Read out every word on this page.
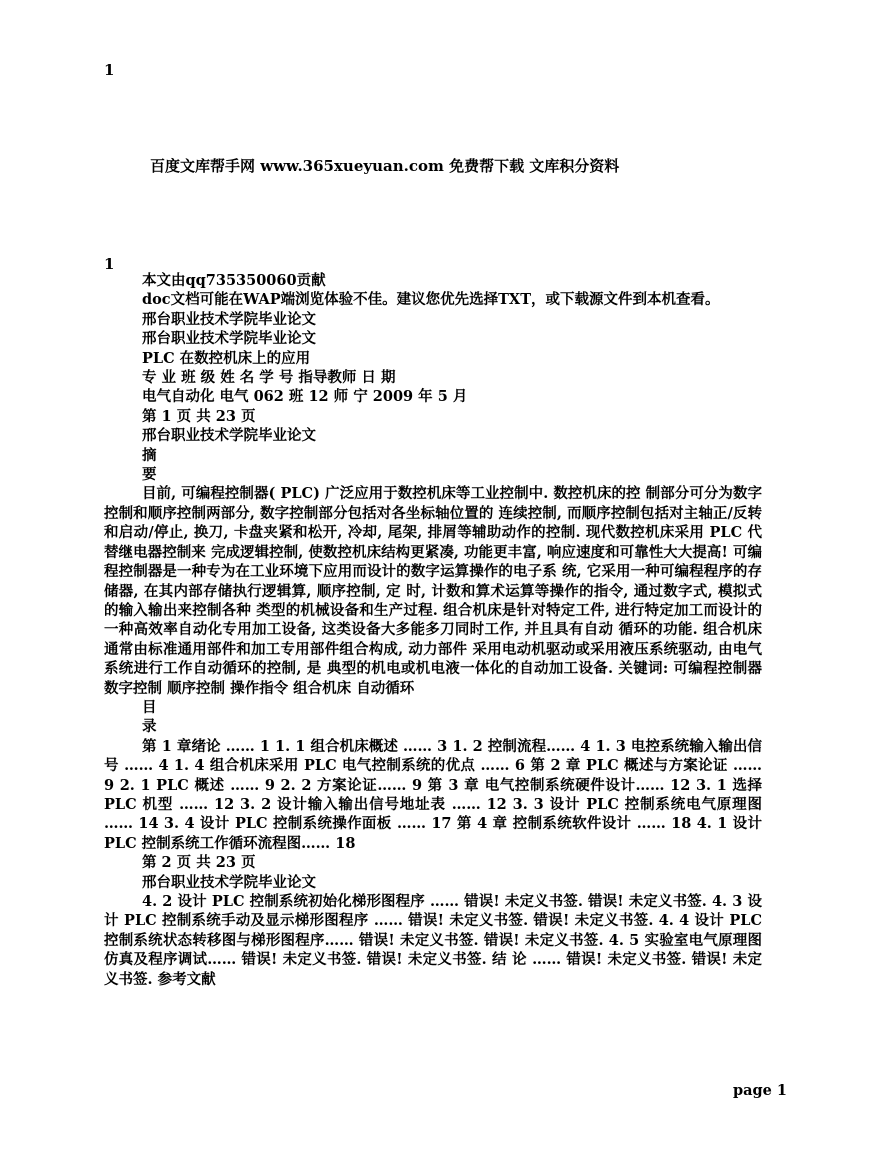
1
百度文库帮手网 www.365xueyuan.com 免费帮下载 文库积分资料
1

本文由qq735350060贡献

doc文档可能在WAP端浏览体验不佳。建议您优先选择TXT，或下载源文件到本机查看。

邢台职业技术学院毕业论文

邢台职业技术学院毕业论文

PLC 在数控机床上的应用

专 业 班 级 姓 名 学 号 指导教师 日 期

电气自动化 电气 062 班 12 师 宁 2009 年 5 月

第 1 页 共 23 页

邢台职业技术学院毕业论文

摘

要

目前, 可编程控制器( PLC) 广泛应用于数控机床等工业控制中. 数控机床的控 制部分可分为数字控制和顺序控制两部分, 数字控制部分包括对各坐标轴位置的 连续控制, 而顺序控制包括对主轴正/反转和启动/停止, 换刀, 卡盘夹紧和松开, 冷却, 尾架, 排屑等辅助动作的控制. 现代数控机床采用 PLC 代替继电器控制来 完成逻辑控制, 使数控机床结构更紧凑, 功能更丰富, 响应速度和可靠性大大提高! 可编程控制器是一种专为在工业环境下应用而设计的数字运算操作的电子系 统, 它采用一种可编程程序的存储器, 在其内部存储执行逻辑算, 顺序控制, 定 时, 计数和算术运算等操作的指令, 通过数字式, 模拟式的输入输出来控制各种 类型的机械设备和生产过程. 组合机床是针对特定工件, 进行特定加工而设计的 一种高效率自动化专用加工设备, 这类设备大多能多刀同时工作, 并且具有自动 循环的功能. 组合机床通常由标准通用部件和加工专用部件组合构成, 动力部件 采用电动机驱动或采用液压系统驱动, 由电气系统进行工作自动循环的控制, 是 典型的机电或机电液一体化的自动加工设备. 关键词: 可编程控制器 数字控制 顺序控制 操作指令 组合机床 自动循环

目

录

第 1 章绪论 …… 1 1. 1 组合机床概述 …… 3 1. 2 控制流程…… 4 1. 3 电控系统输入输出信号 …… 4 1. 4 组合机床采用 PLC 电气控制系统的优点 …… 6 第 2 章 PLC 概述与方案论证 …… 9 2. 1 PLC 概述 …… 9 2. 2 方案论证…… 9 第 3 章 电气控制系统硬件设计…… 12 3. 1 选择 PLC 机型 …… 12 3. 2 设计输入输出信号地址表 …… 12 3. 3 设计 PLC 控制系统电气原理图 …… 14 3. 4 设计 PLC 控制系统操作面板 …… 17 第 4 章 控制系统软件设计 …… 18 4. 1 设计 PLC 控制系统工作循环流程图…… 18

第 2 页 共 23 页

邢台职业技术学院毕业论文

4. 2 设计 PLC 控制系统初始化梯形图程序 …… 错误! 未定义书签. 错误! 未定义书签. 4. 3 设计 PLC 控制系统手动及显示梯形图程序 …… 错误! 未定义书签. 错误! 未定义书签. 4. 4 设计 PLC 控制系统状态转移图与梯形图程序…… 错误! 未定义书签. 错误! 未定义书签. 4. 5 实验室电气原理图仿真及程序调试…… 错误! 未定义书签. 错误! 未定义书签. 结 论 …… 错误! 未定义书签. 错误! 未定义书签. 参考文献

page 1
